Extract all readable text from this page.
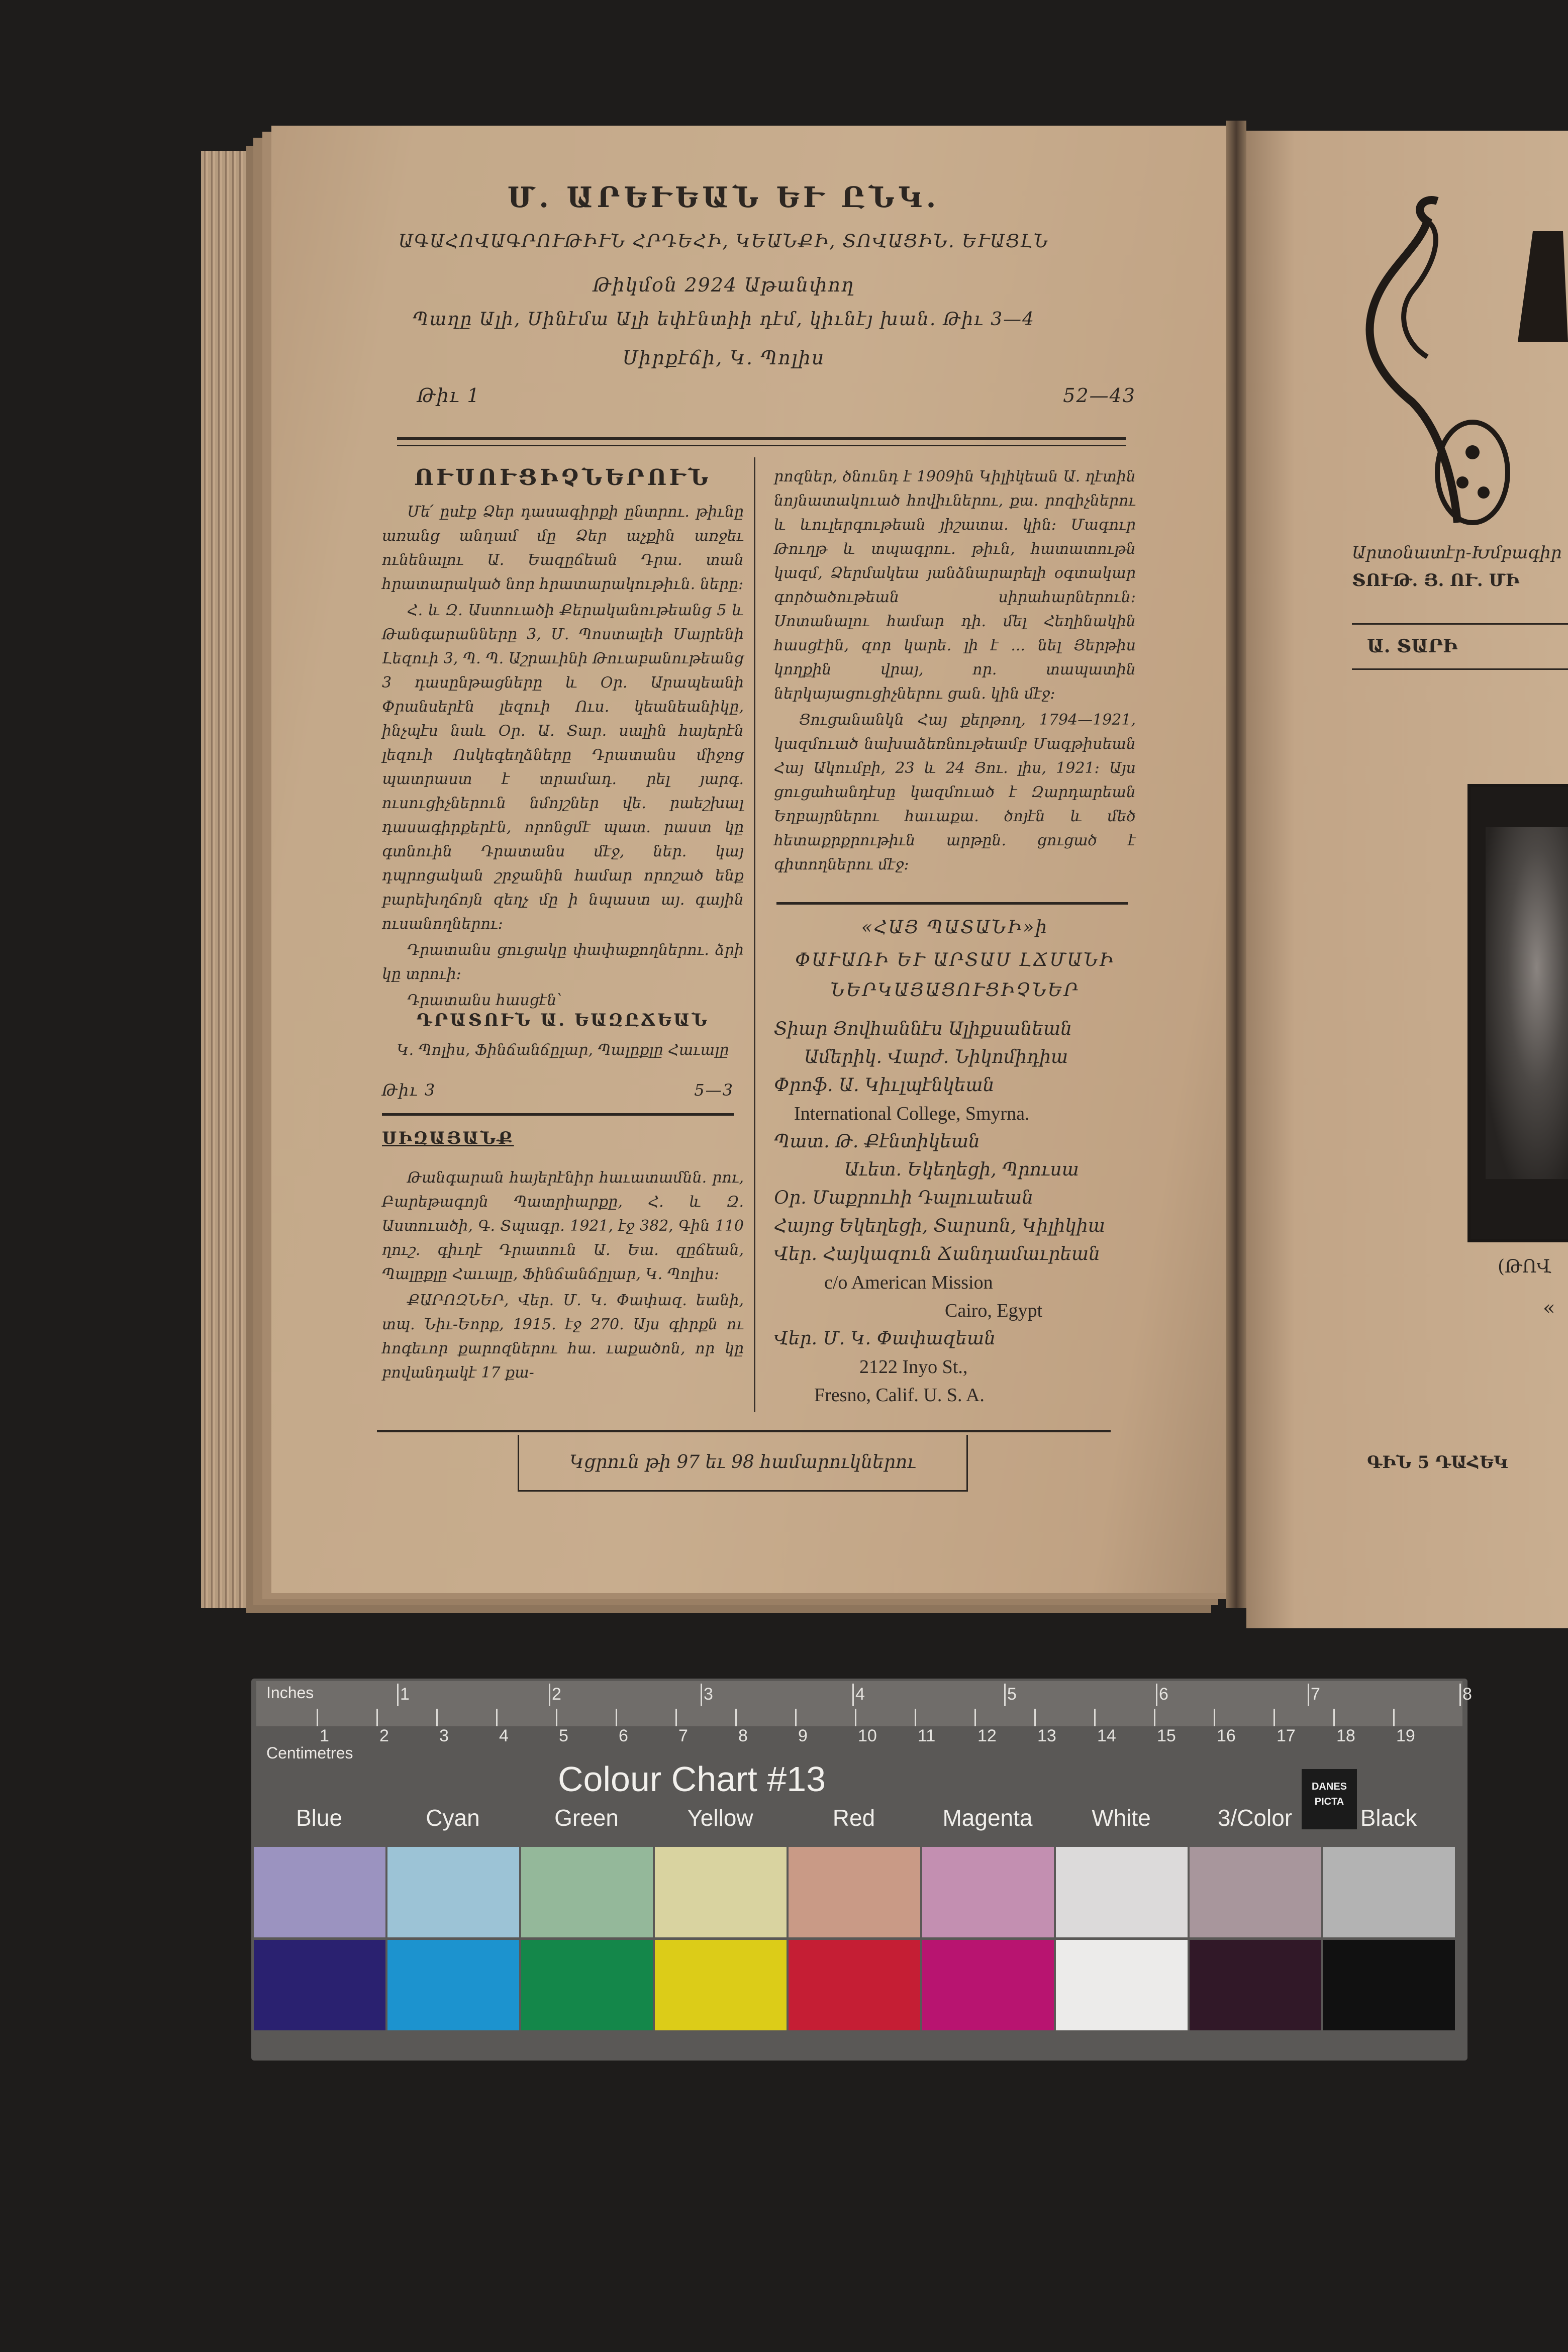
Մ. ԱՐԵՒԵԱՆ ԵՒ ԸՆԿ.
ԱԳԱՀՈՎԱԳՐՈՒԹԻՒՆ ՀՐԴԵՀԻ, ԿԵԱՆՔԻ, ՏՈՎԱՑԻՆ. ԵՒԱՑԼՆ
Թիկմօն 2924 Աթանփող
Պաղը Ալի, Սինէմա Ալի եփէնտիի դէմ, կիւնէյ խան. Թիւ 3—4
Սիրքէճի, Կ. Պոլիս
Թիւ 1	52—43
ՈՒՍՈՒՑԻՉՆԵՐՈՒՆ

Մե՛ ըսէք Ձեր դասագիրքի ընտրու. թիւնը առանց անդամ մը Ձեր աչքին առջեւ ունենալու Ա. Եազըճեան Դրա. տան հրատարակած նոր հրատարակութիւն. ները։

Հ. և Զ. Աստուածի Քերականութեանց 5 և Թանգարանները 3, Մ. Պոստալեի Մայրենի Լեզուի 3, Պ. Պ. Աշրաւինի Թուաբանութեանց 3 դասընթացները և Օր. Արապեանի Փրանսերէն լեզուի Ուս. կեանեանիկը, ինչպէս նաև Օր. Ա. Տար. սալին հայերէն լեզուի Ոսկեգեղձները Դրատանս միջոց պատրաստ է տրամադ. րել յարգ. ուսուցիչներուն նմոյշներ վե. րաեշխալ դասագիրքերէն, որոնցմէ պատ. րաստ կը գտնուին Դրատանս մէջ, ներ. կայ դպրոցական շրջանին համար որոշած ենք բարեխղճոյն զեղչ մը ի նպաստ այ. գային ուսանողներու։

Դրատանս ցուցակը փափաքողներու. ձրի կը տրուի։

Դրատանս հասցէն՝

ԴՐԱՏՈՒՆ Ա. ԵԱԶԸՃԵԱՆ
Կ. Պոլիս, Ֆինճանճըլար, Պալըքլը Հաւալը
Թիւ 3	5—3
ՍԻԶԱՅԱՆՔ

Թանգարան հայերէնիր հաւատամնն. րու, Բարեթագոյն Պատրիարքը, Հ. և Զ. Աստուածի, Գ. Տպագր. 1921, էջ 382, Գին 110 ղուշ. գիւղէ Դրատուն Ա. Եա. զըճեան, Պալըքլը Հաւալը, Ֆինճանճըլար, Կ. Պոլիս։

ՔԱՐՈԶՆԵՐ, Վեր. Մ. Կ. Փափազ. եանի, տպ. Նիւ-Եորք, 1915. էջ 270. Այս գիրքն ու հոգեւոր քարոզներու հա. ւաքածոն, որ կը բովանդակէ 17 քա-

րոզներ, ծնունդ է 1909ին Կիլիկեան Ա. ղէտին նոյնատակուած հովիւներու, քա. րոզիչներու և ևուլերգութեան յիշատա. կին։ Մագուր Թուղթ և տպագրու. թիւն, հատատութն կազմ, Ձերմակեա յանձնարարելի օգտակար գործածութեան սիրահարներուն։ Սոտանալու համար դի. մել Հեղինակին հասցէին, զոր կարե. լի է ... նել Յերթիս կողքին վրայ, որ. տապատին ներկայացուցիչներու ցան. կին մէջ։

Ցուցանանկն Հայ քերթող, 1794—1921, կազմուած նախաձեռնութեամբ Մագթիսեան Հայ Ակումբի, 23 և 24 Յու. լիս, 1921։ Այս ցուցահանդէսը կազմուած է Զարդարեան Եղբայրներու հաւաքա. ծոյէն և մեծ հետաքրքրութիւն արթըն. ցուցած է գիտողներու մէջ։

«ՀԱՅ ՊԱՏԱՆԻ»ի
ՓԱՒԱՌԻ ԵՒ ԱՐՏԱՍ ԼՃՄԱՆԻ
ՆԵՐԿԱՅԱՑՈՒՑԻՉՆԵՐ
Տիար Յովհաննէս Ալիքսանեան
Ամերիկ. Վարժ. Նիկոմիդիա
Փրոֆ. Ա. Կիւլպէնկեան
International College, Smyrna.
Պատ. Թ. Քէնտիկեան
Աւետ. Եկեղեցի, Պրուսա
Օր. Մաքրուհի Դալուաեան
Հայոց Եկեղեցի, Տարսոն, Կիլիկիա
Վեր. Հայկազուն Ճանդամաւրեան
c/o American Mission
Cairo, Egypt
Վեր. Մ. Կ. Փափազեան
2122 Inyo St.,
Fresno, Calif. U. S. A.
Կցրուն թի 97 եւ 98 համարուկներու
Արտօնատէր-Խմբագիր
ՏՈՒԹ. Յ. ՈՒ. ՄԻ
Ա. ՏԱՐԻ
(ԹՈՎ
«
ԳԻՆ 5 ԴԱՀԵԿ
Inches
Centimetres
Colour Chart #13	DANES PICTA
1	2	3	4	5	6	7	8
1	2	3	4	5	6	7	8	9	10 11 12 13 14 15 16 17 18 19
Blue	Cyan	Green	Yellow	Red	Magenta	White	3/Color	Black
